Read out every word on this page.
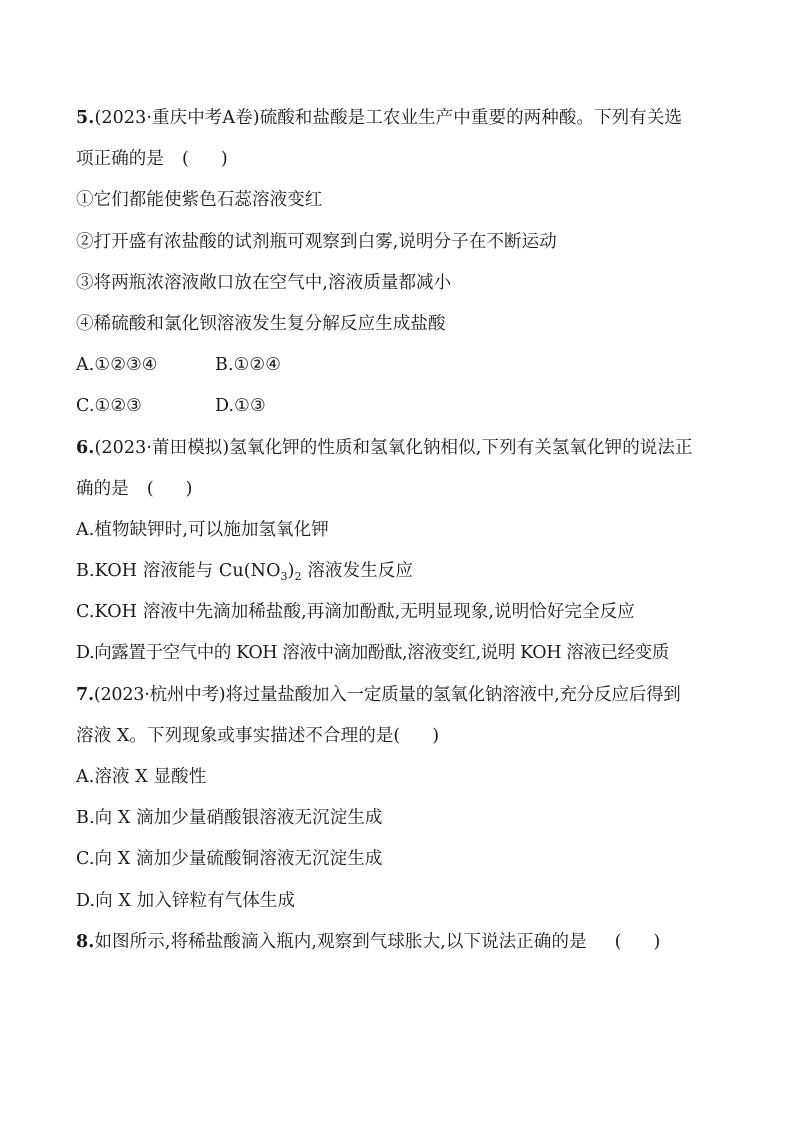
5.(2023·重庆中考A卷)硫酸和盐酸是工农业生产中重要的两种酸。下列有关选
项正确的是 ( )
①它们都能使紫色石蕊溶液变红
②打开盛有浓盐酸的试剂瓶可观察到白雾,说明分子在不断运动
③将两瓶浓溶液敞口放在空气中,溶液质量都减小
④稀硫酸和氯化钡溶液发生复分解反应生成盐酸
A.①②③④	B.①②④
C.①②③	D.①③
6.(2023·莆田模拟)氢氧化钾的性质和氢氧化钠相似,下列有关氢氧化钾的说法正
确的是 ( )
A.植物缺钾时,可以施加氢氧化钾
B.KOH 溶液能与 $Cu(NO_3)_2$ 溶液发生反应
C.KOH 溶液中先滴加稀盐酸,再滴加酚酞,无明显现象,说明恰好完全反应
D.向露置于空气中的 KOH 溶液中滴加酚酞,溶液变红,说明 KOH 溶液已经变质
7.(2023·杭州中考)将过量盐酸加入一定质量的氢氧化钠溶液中,充分反应后得到
溶液 X。下列现象或事实描述不合理的是( )
A.溶液 X 显酸性
B.向 X 滴加少量硝酸银溶液无沉淀生成
C.向 X 滴加少量硫酸铜溶液无沉淀生成
D.向 X 加入锌粒有气体生成
8.如图所示,将稀盐酸滴入瓶内,观察到气球胀大,以下说法正确的是 ( )
